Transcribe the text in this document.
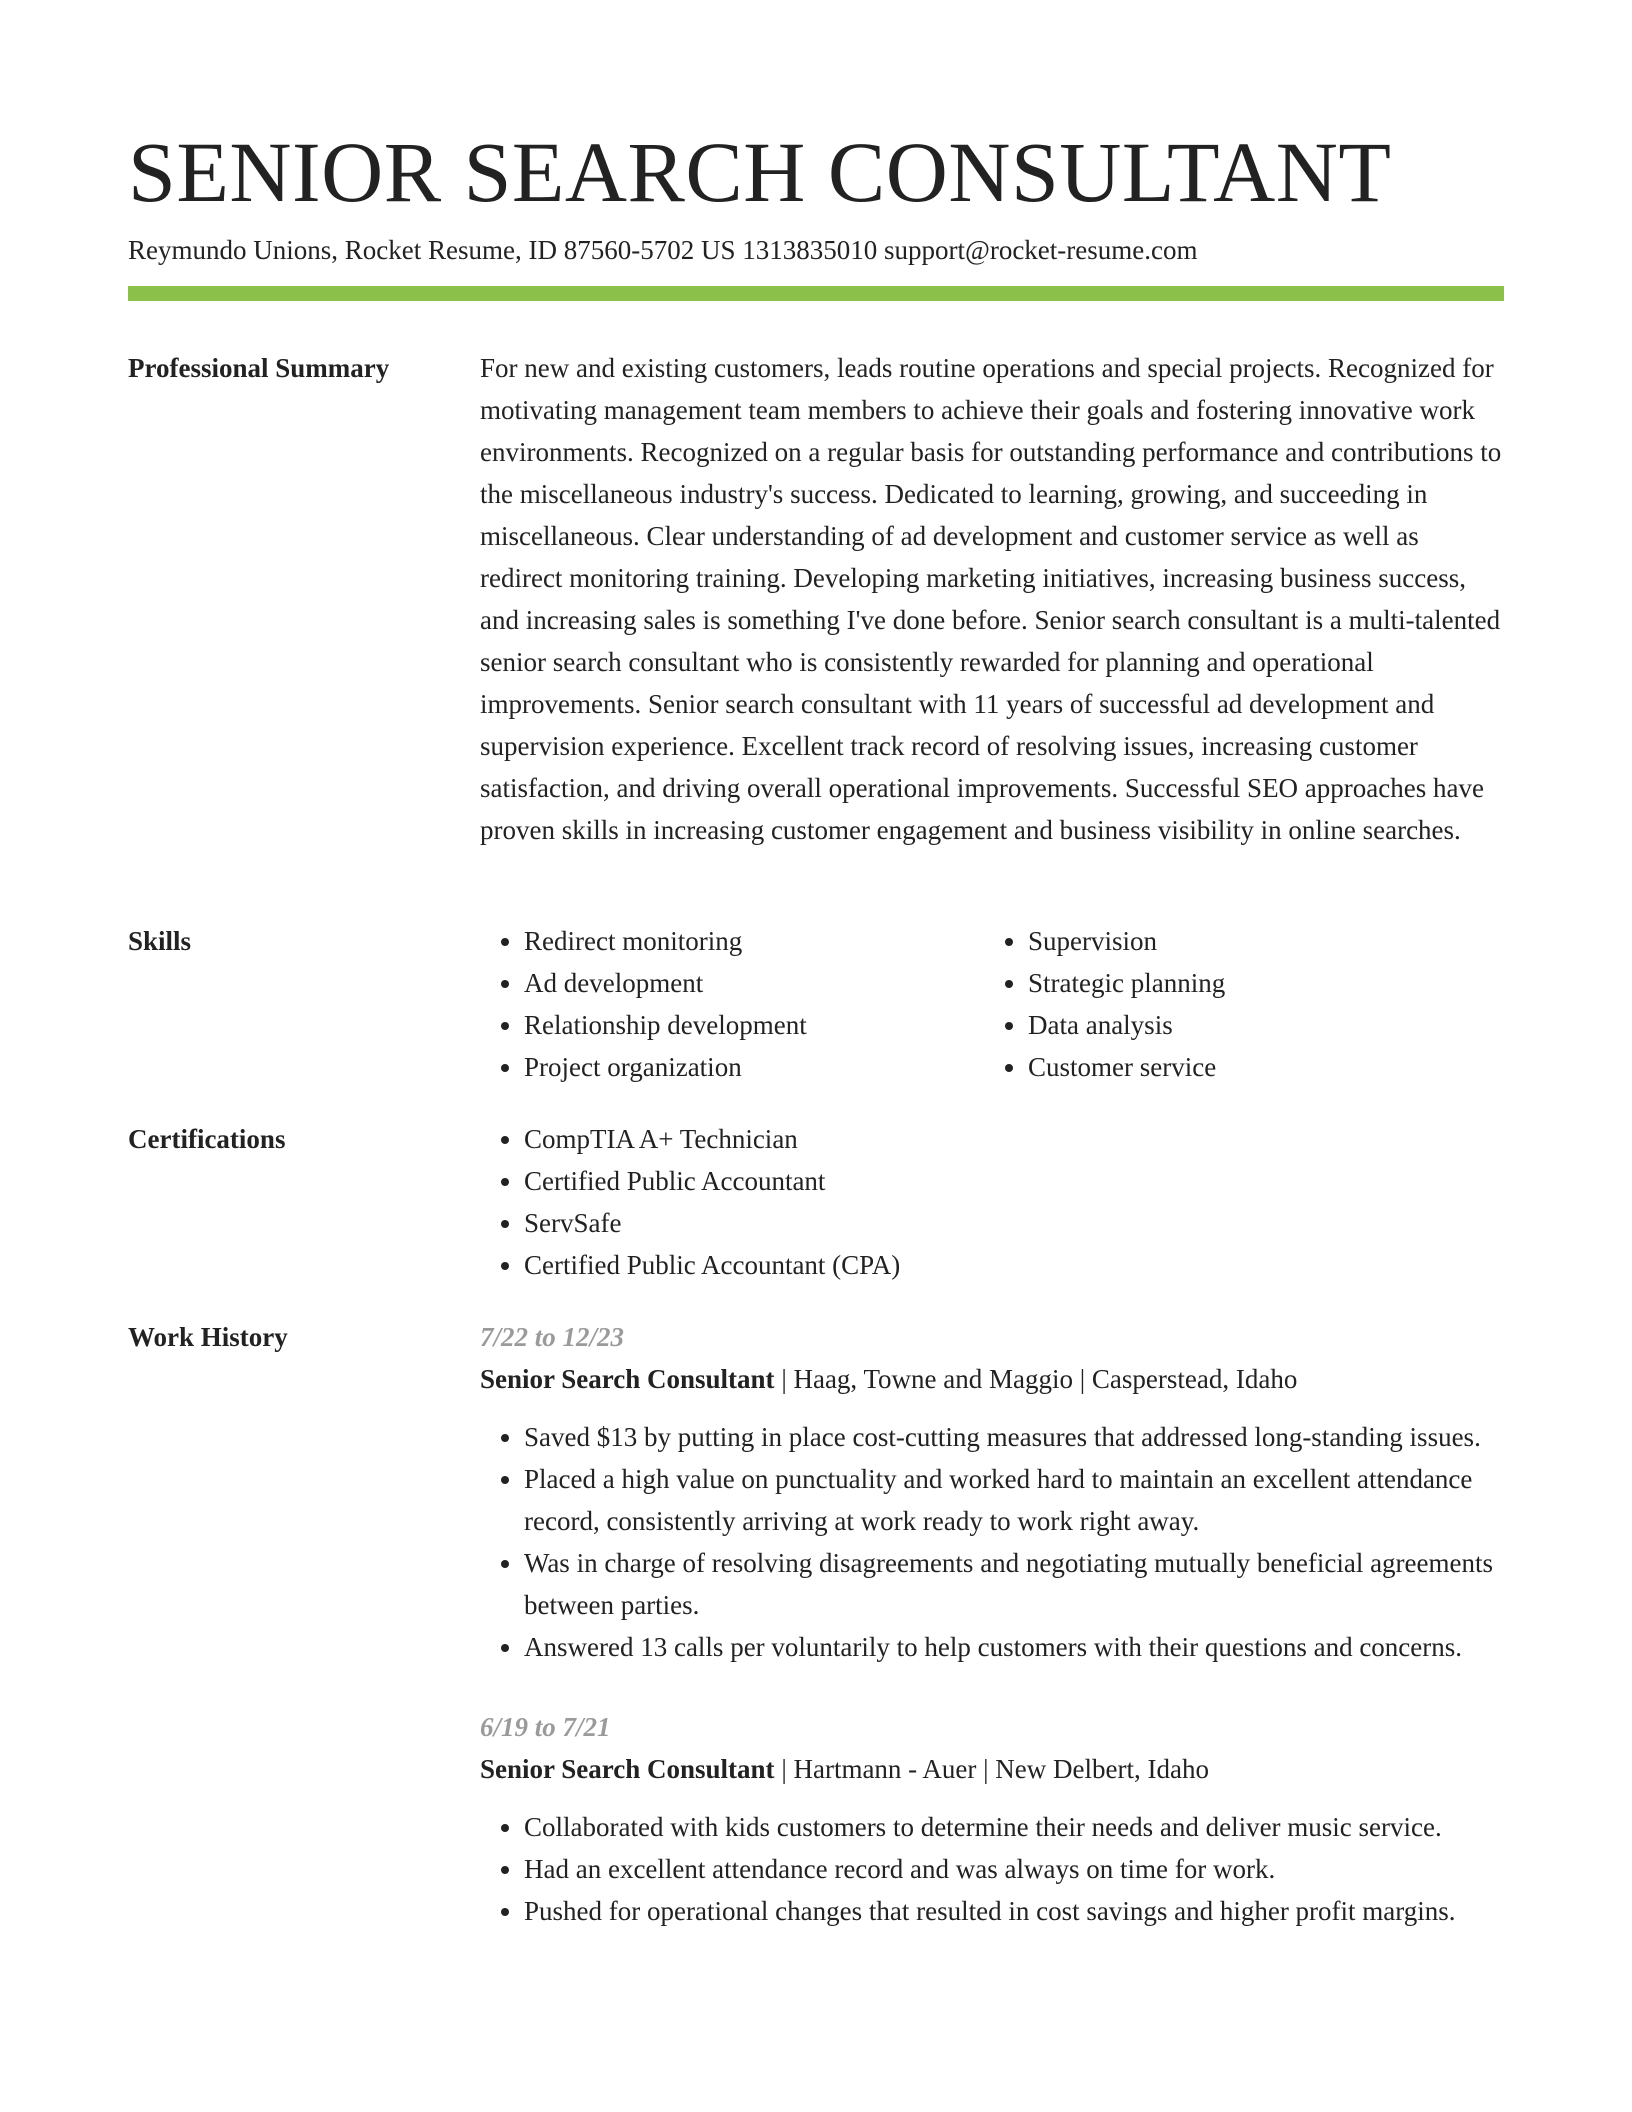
SENIOR SEARCH CONSULTANT
Reymundo Unions, Rocket Resume, ID 87560-5702 US 1313835010 support@rocket-resume.com
Professional Summary	For new and existing customers, leads routine operations and special projects. Recognized for motivating management team members to achieve their goals and fostering innovative work environments. Recognized on a regular basis for outstanding performance and contributions to the miscellaneous industry's success. Dedicated to learning, growing, and succeeding in miscellaneous. Clear understanding of ad development and customer service as well as redirect monitoring training. Developing marketing initiatives, increasing business success, and increasing sales is something I've done before. Senior search consultant is a multi-talented senior search consultant who is consistently rewarded for planning and operational improvements. Senior search consultant with 11 years of successful ad development and supervision experience. Excellent track record of resolving issues, increasing customer satisfaction, and driving overall operational improvements. Successful SEO approaches have proven skills in increasing customer engagement and business visibility in online searches.

Skills	• Redirect monitoring
• Ad development
• Relationship development
• Project organization
• Supervision
• Strategic planning
• Data analysis
• Customer service
Certifications	• CompTIA A+ Technician
• Certified Public Accountant
• ServSafe
• Certified Public Accountant (CPA)
Work History	7/22 to 12/23
Senior Search Consultant | Haag, Towne and Maggio | Casperstead, Idaho
• Saved $13 by putting in place cost-cutting measures that addressed long-standing issues.
• Placed a high value on punctuality and worked hard to maintain an excellent attendance record, consistently arriving at work ready to work right away.
• Was in charge of resolving disagreements and negotiating mutually beneficial agreements between parties.
• Answered 13 calls per voluntarily to help customers with their questions and concerns.
6/19 to 7/21
Senior Search Consultant | Hartmann - Auer | New Delbert, Idaho
• Collaborated with kids customers to determine their needs and deliver music service.
• Had an excellent attendance record and was always on time for work.
• Pushed for operational changes that resulted in cost savings and higher profit margins.
